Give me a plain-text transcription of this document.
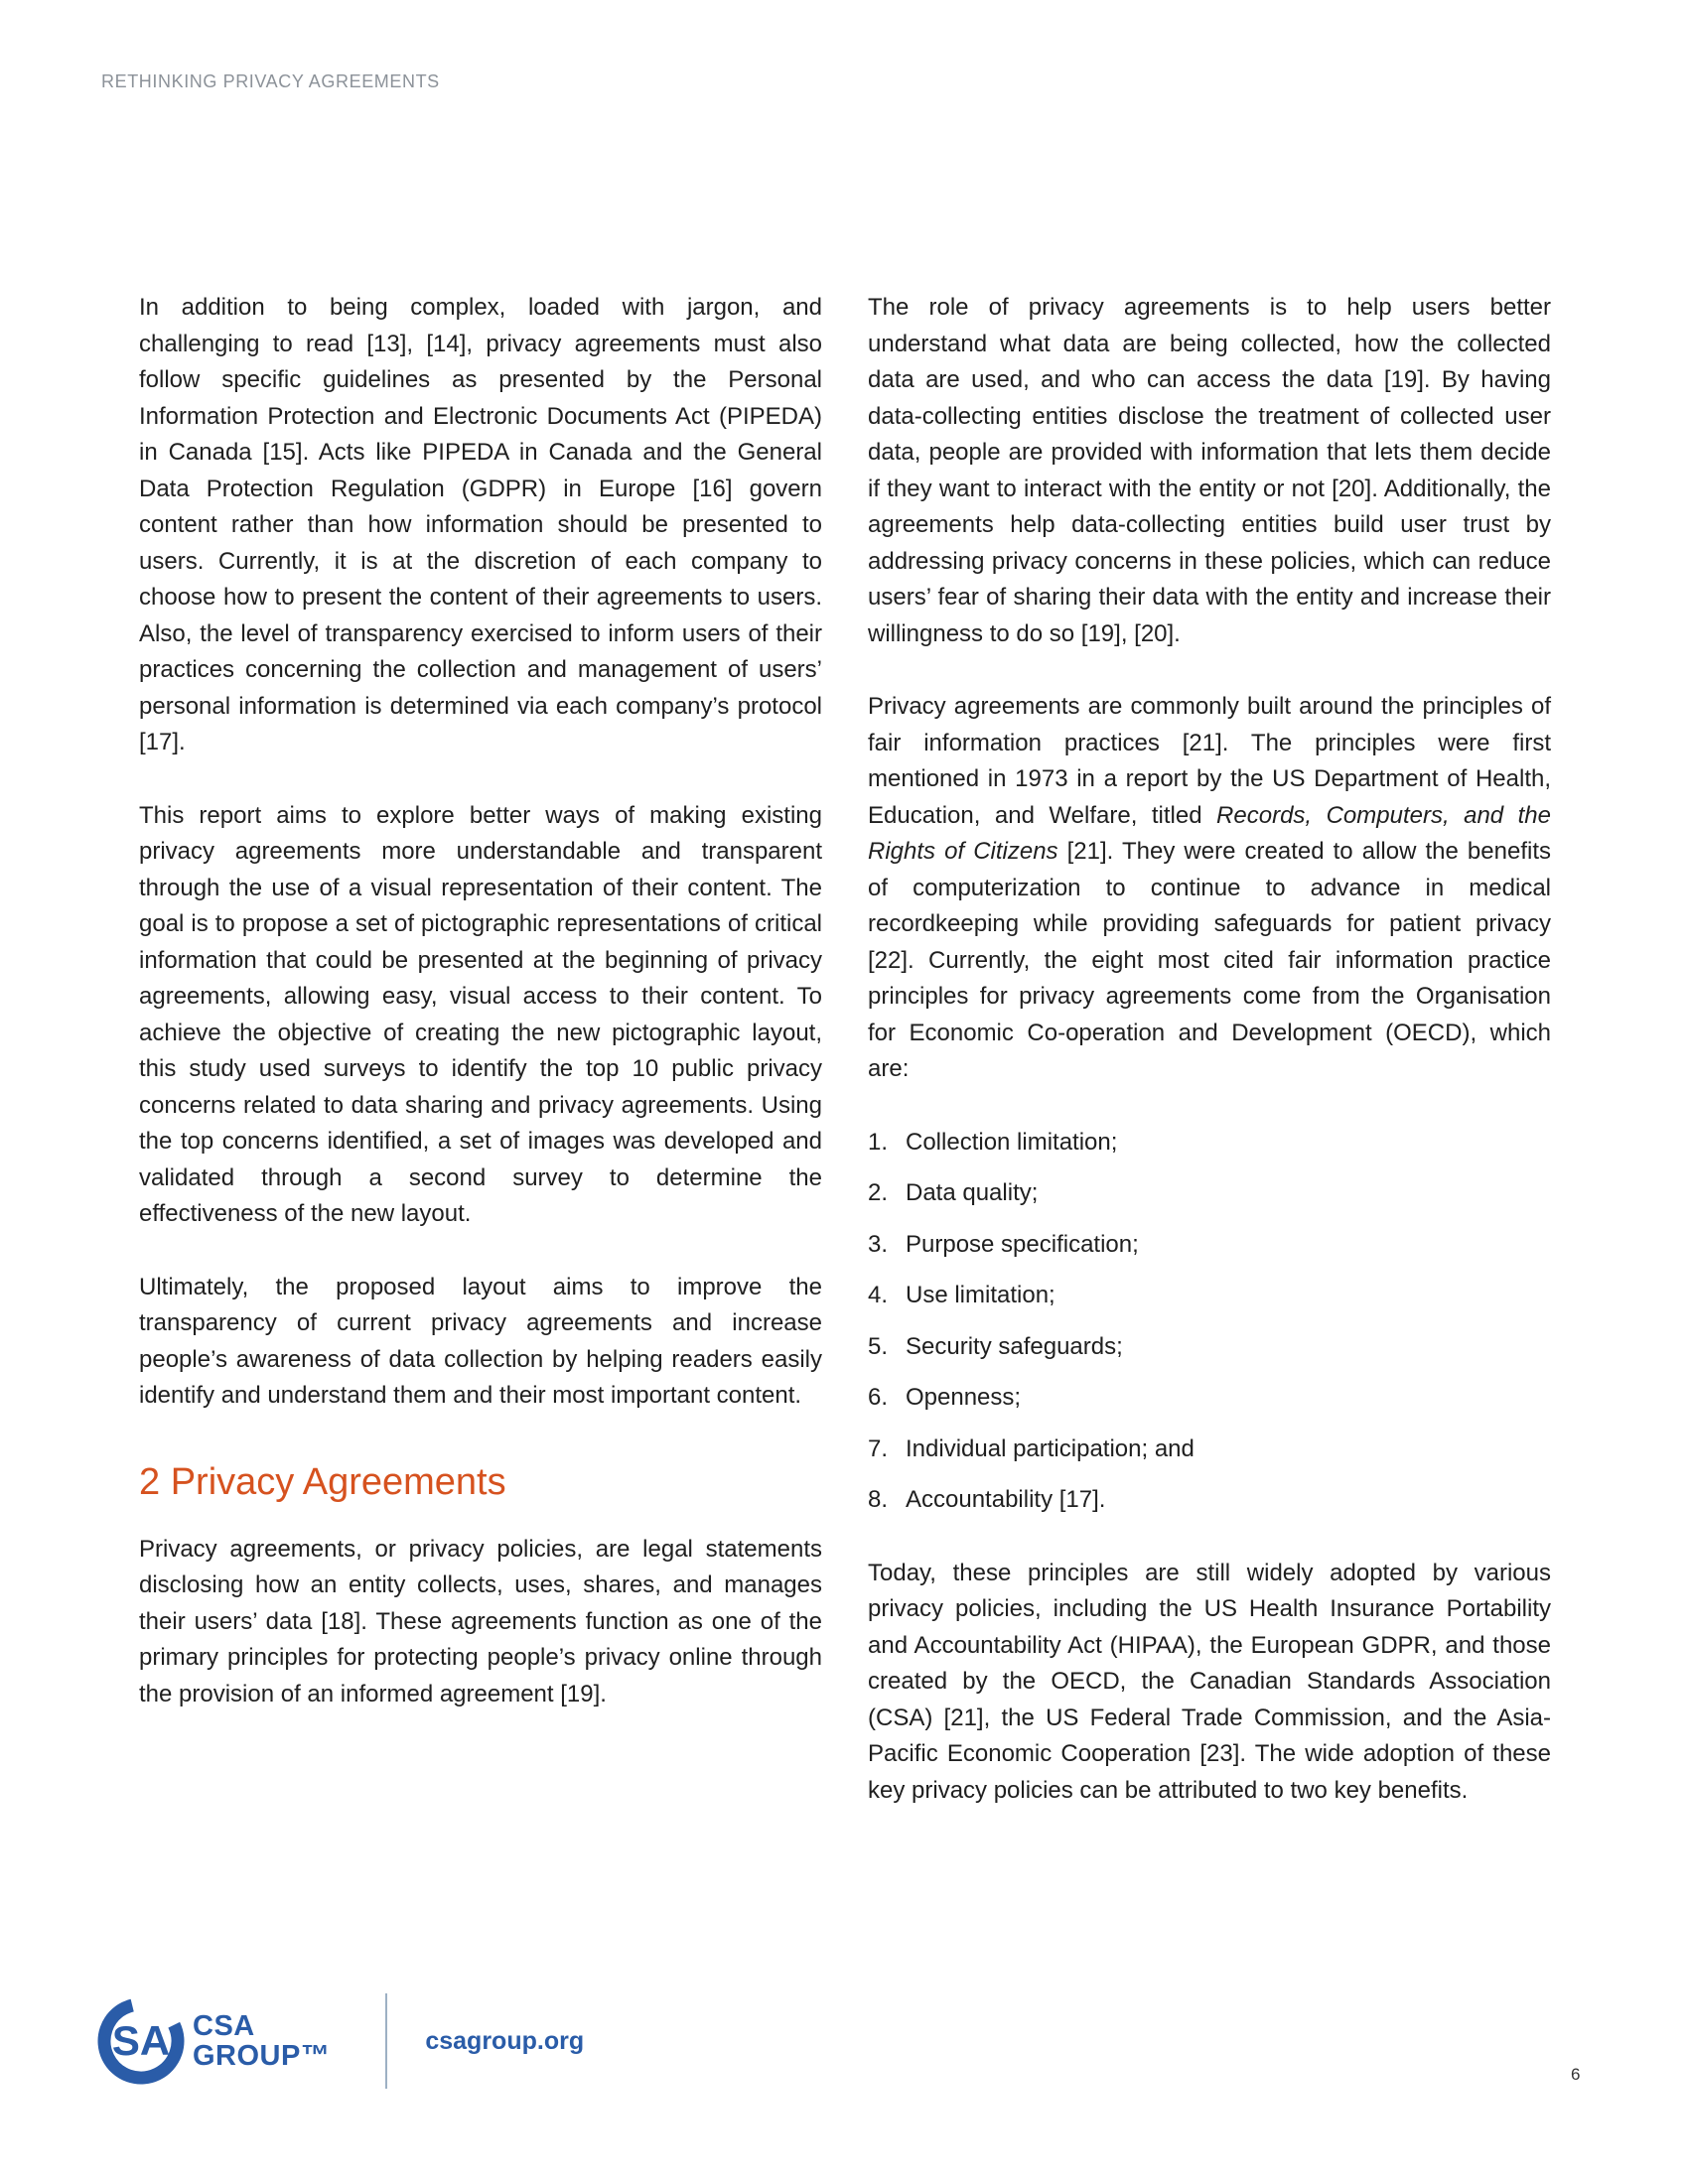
RETHINKING PRIVACY AGREEMENTS

In addition to being complex, loaded with jargon, and challenging to read [13], [14], privacy agreements must also follow specific guidelines as presented by the Personal Information Protection and Electronic Documents Act (PIPEDA) in Canada [15]. Acts like PIPEDA in Canada and the General Data Protection Regulation (GDPR) in Europe [16] govern content rather than how information should be presented to users. Currently, it is at the discretion of each company to choose how to present the content of their agreements to users. Also, the level of transparency exercised to inform users of their practices concerning the collection and management of users’ personal information is determined via each company’s protocol [17].

This report aims to explore better ways of making existing privacy agreements more understandable and transparent through the use of a visual representation of their content. The goal is to propose a set of pictographic representations of critical information that could be presented at the beginning of privacy agreements, allowing easy, visual access to their content. To achieve the objective of creating the new pictographic layout, this study used surveys to identify the top 10 public privacy concerns related to data sharing and privacy agreements. Using the top concerns identified, a set of images was developed and validated through a second survey to determine the effectiveness of the new layout.

Ultimately, the proposed layout aims to improve the transparency of current privacy agreements and increase people’s awareness of data collection by helping readers easily identify and understand them and their most important content.

2 Privacy Agreements

Privacy agreements, or privacy policies, are legal statements disclosing how an entity collects, uses, shares, and manages their users’ data [18]. These agreements function as one of the primary principles for protecting people’s privacy online through the provision of an informed agreement [19].

The role of privacy agreements is to help users better understand what data are being collected, how the collected data are used, and who can access the data [19]. By having data-collecting entities disclose the treatment of collected user data, people are provided with information that lets them decide if they want to interact with the entity or not [20]. Additionally, the agreements help data-collecting entities build user trust by addressing privacy concerns in these policies, which can reduce users’ fear of sharing their data with the entity and increase their willingness to do so [19], [20].

Privacy agreements are commonly built around the principles of fair information practices [21]. The principles were first mentioned in 1973 in a report by the US Department of Health, Education, and Welfare, titled Records, Computers, and the Rights of Citizens [21]. They were created to allow the benefits of computerization to continue to advance in medical recordkeeping while providing safeguards for patient privacy [22]. Currently, the eight most cited fair information practice principles for privacy agreements come from the Organisation for Economic Co-operation and Development (OECD), which are:

1. Collection limitation;
2. Data quality;
3. Purpose specification;
4. Use limitation;
5. Security safeguards;
6. Openness;
7. Individual participation; and
8. Accountability [17].

Today, these principles are still widely adopted by various privacy policies, including the US Health Insurance Portability and Accountability Act (HIPAA), the European GDPR, and those created by the OECD, the Canadian Standards Association (CSA) [21], the US Federal Trade Commission, and the Asia-Pacific Economic Cooperation [23]. The wide adoption of these key privacy policies can be attributed to two key benefits.

SA CSA
GROUP™	csagroup.org
6
